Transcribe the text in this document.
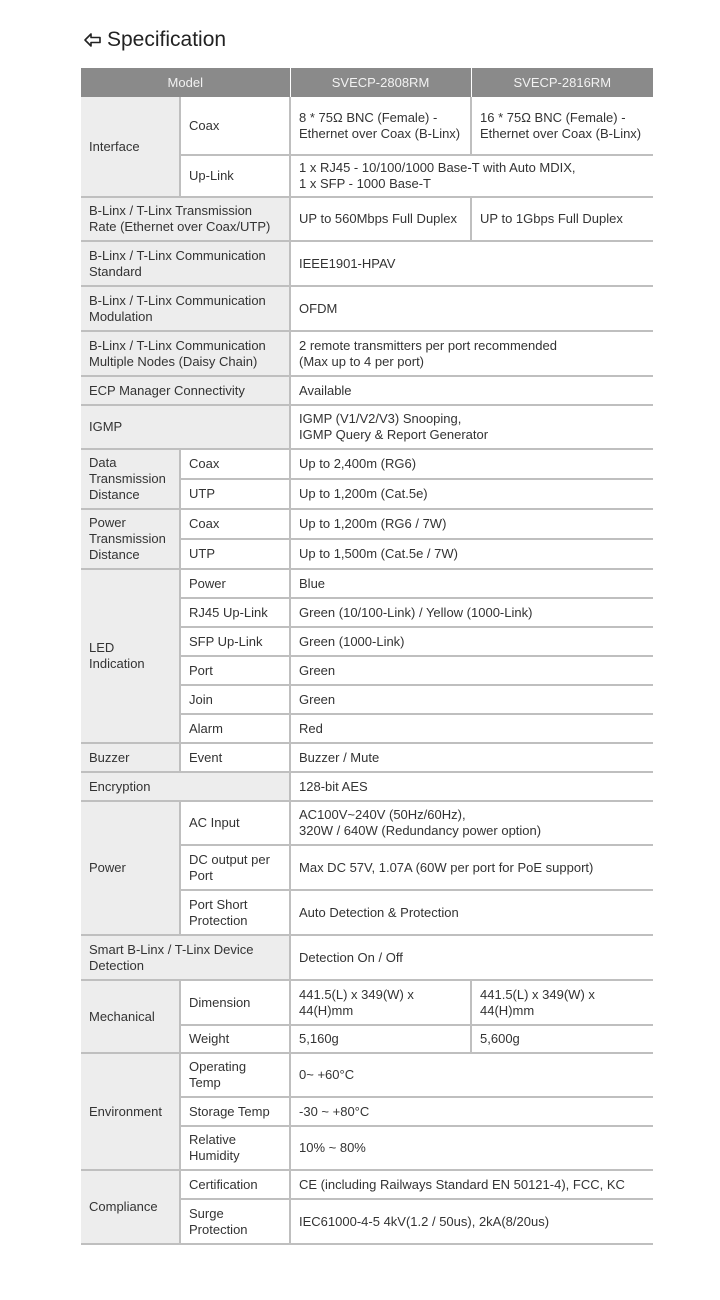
Specification
Model		SVECP-2808RM	SVECP-2816RM
Interface	Coax	8 * 75Ω BNC (Female) - Ethernet over Coax (B-Linx)	16 * 75Ω BNC (Female) - Ethernet over Coax (B-Linx)
	Up-Link	1 x RJ45 - 10/100/1000 Base-T with Auto MDIX,
1 x SFP - 1000 Base-T	

B-Linx / T-Linx Transmission Rate (Ethernet over Coax/UTP)		UP to 560Mbps Full Duplex	UP to 1Gbps Full Duplex
B-Linx / T-Linx Communication Standard		IEEE1901-HPAV	
B-Linx / T-Linx Communication Modulation		OFDM	
B-Linx / T-Linx Communication Multiple Nodes (Daisy Chain)		2 remote transmitters per port recommended
(Max up to 4 per port)	

ECP Manager Connectivity		Available	
IGMP		IGMP (V1/V2/V3) Snooping,
IGMP Query & Report Generator	

Data Transmission Distance	Coax	Up to 2,400m (RG6)	
	UTP	Up to 1,200m (Cat.5e)	
Power Transmission Distance	Coax	Up to 1,200m (RG6 / 7W)	
	UTP	Up to 1,500m (Cat.5e / 7W)	
LED Indication	Power	Blue	
	RJ45 Up-Link	Green (10/100-Link) / Yellow (1000-Link)	
	SFP Up-Link	Green (1000-Link)	
	Port	Green	
	Join	Green	
	Alarm	Red	
Buzzer	Event	Buzzer / Mute	
Encryption		128-bit AES	
Power	AC Input	AC100V~240V (50Hz/60Hz),
320W / 640W (Redundancy power option)	

	DC output per Port	Max DC 57V, 1.07A (60W per port for PoE support)	
	Port Short Protection	Auto Detection & Protection	
Smart B-Linx / T-Linx Device Detection		Detection On / Off	
Mechanical	Dimension	441.5(L) x 349(W) x 44(H)mm	441.5(L) x 349(W) x 44(H)mm
	Weight	5,160g	5,600g
Environment	Operating Temp	0~ +60°C	
	Storage Temp	-30 ~ +80°C	
	Relative Humidity	10% ~ 80%	
Compliance	Certification	CE (including Railways Standard EN 50121-4), FCC, KC	
	Surge Protection	IEC61000-4-5 4kV(1.2 / 50us), 2kA(8/20us)	
